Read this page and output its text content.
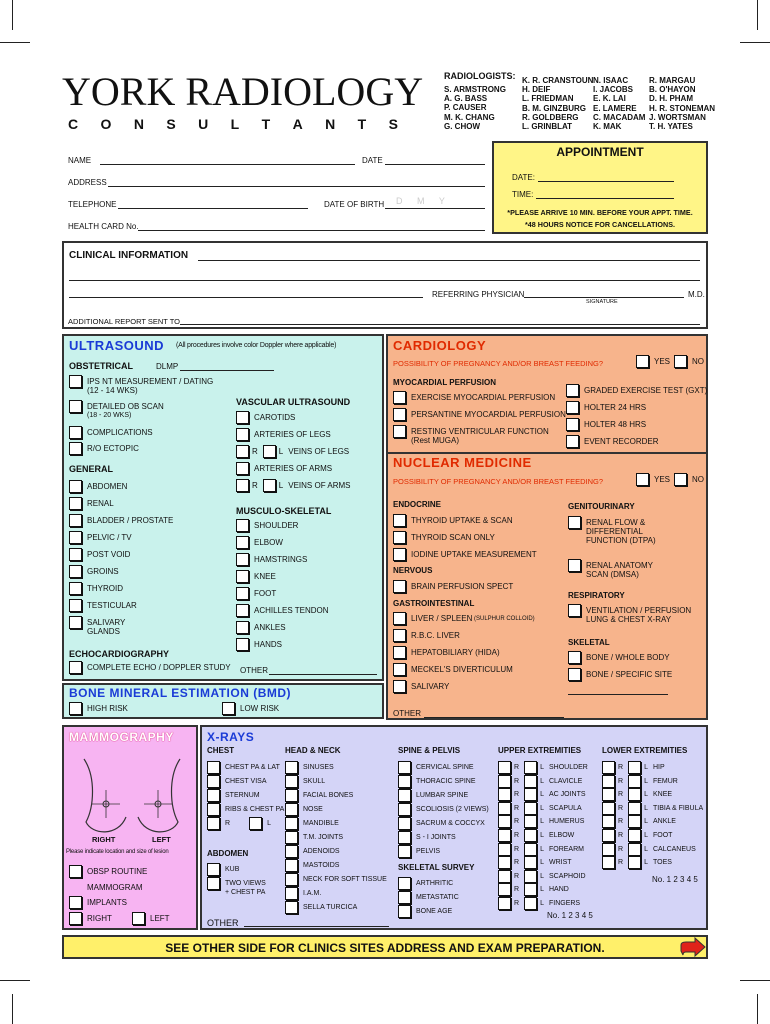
YORK RADIOLOGY
C O N S U L T A N T S
RADIOLOGISTS:
S. ARMSTRONG
A. G. BASS
P. CAUSER
M. K. CHANG
G. CHOW
K. R. CRANSTOUN
H. DEIF
L. FRIEDMAN
B. M. GINZBURG
R. GOLDBERG
L. GRINBLAT
N. ISAAC
I. JACOBS
E. K. LAI
E. LAMERE
C. MACADAM
K. MAK
R. MARGAU
B. O'HAYON
D. H. PHAM
H. R. STONEMAN
J. WORTSMAN
T. H. YATES
NAME	DATE
ADDRESS
TELEPHONE	DATE OF BIRTH D M Y
HEALTH CARD No.
APPOINTMENT
DATE:
TIME:
*PLEASE ARRIVE 10 MIN. BEFORE YOUR APPT. TIME.
*48 HOURS NOTICE FOR CANCELLATIONS.
CLINICAL INFORMATION
REFERRING PHYSICIAN	M.D.
SIGNATURE
ADDITIONAL REPORT SENT TO
ULTRASOUND (All procedures involve color Doppler where applicable)
OBSTETRICAL	DLMP
GENERAL
ECHOCARDIOGRAPHY
VASCULAR ULTRASOUND
MUSCULO-SKELETAL
OTHER
IPS NT MEASUREMENT / DATING
(12 - 14 WKS)
DETAILED OB SCAN
(18 - 20 WKS)
COMPLICATIONS
R/O ECTOPIC
ABDOMEN
RENAL
BLADDER / PROSTATE
PELVIC / TV
POST VOID
GROINS
THYROID
TESTICULAR
SALIVARY
GLANDS
COMPLETE ECHO / DOPPLER STUDY
CAROTIDS
ARTERIES OF LEGS
R	L VEINS OF LEGS
ARTERIES OF ARMS
R	L VEINS OF ARMS
SHOULDER
ELBOW
HAMSTRINGS
KNEE
FOOT
ACHILLES TENDON
ANKLES
HANDS
BONE MINERAL ESTIMATION (BMD)
HIGH RISK	LOW RISK
CARDIOLOGY
POSSIBILITY OF PREGNANCY AND/OR BREAST FEEDING?	YES	NO
MYOCARDIAL PERFUSION
NUCLEAR MEDICINE
POSSIBILITY OF PREGNANCY AND/OR BREAST FEEDING?	YES	NO
ENDOCRINE
NERVOUS
GASTROINTESTINAL
GENITOURINARY
RESPIRATORY
SKELETAL
OTHER
EXERCISE MYOCARDIAL PERFUSION
PERSANTINE MYOCARDIAL PERFUSION
RESTING VENTRICULAR FUNCTION
(Rest MUGA)
GRADED EXERCISE TEST (GXT)
HOLTER 24 HRS
HOLTER 48 HRS
EVENT RECORDER
THYROID UPTAKE & SCAN
THYROID SCAN ONLY
IODINE UPTAKE MEASUREMENT
BRAIN PERFUSION SPECT
LIVER / SPLEEN (SULPHUR COLLOID)
R.B.C. LIVER
HEPATOBILIARY (HIDA)
MECKEL'S DIVERTICULUM
SALIVARY
RENAL FLOW &
DIFFERENTIAL
FUNCTION (DTPA)
RENAL ANATOMY
SCAN (DMSA)
VENTILATION / PERFUSION
LUNG & CHEST X-RAY
BONE / WHOLE BODY
BONE / SPECIFIC SITE
MAMMOGRAPHY
RIGHT	LEFT
Please indicate location and size of lesion
OBSP ROUTINE
MAMMOGRAM
IMPLANTS
RIGHT	LEFT
X-RAYS
CHEST
ABDOMEN
HEAD & NECK	SPINE & PELVIS
SKELETAL SURVEY
UPPER EXTREMITIES	LOWER EXTREMITIES
No. 1 2 3 4 5
No. 1 2 3 4 5
OTHER
CHEST PA & LAT
CHEST VISA
STERNUM
RIBS & CHEST PA
R	L
KUB
TWO VIEWS
+ CHEST PA
SINUSES
SKULL
FACIAL BONES
NOSE
MANDIBLE
T.M. JOINTS
ADENOIDS
MASTOIDS
NECK FOR SOFT TISSUE
I.A.M.
SELLA TURCICA
CERVICAL SPINE
THORACIC SPINE
LUMBAR SPINE
SCOLIOSIS (2 VIEWS)
SACRUM & COCCYX
S - I JOINTS
PELVIS
ARTHRITIC
METASTATIC
BONE AGE
R	L SHOULDER
R	L CLAVICLE
R	L AC JOINTS
R	L SCAPULA
R	L HUMERUS
R	L ELBOW
R	L FOREARM
R	L WRIST
R	L SCAPHOID
R	L HAND
R	L FINGERS
R	L HIP
R	L FEMUR
R	L KNEE
R	L TIBIA & FIBULA
R	L ANKLE
R	L FOOT
R	L CALCANEUS
R	L TOES
SEE OTHER SIDE FOR CLINICS SITES ADDRESS AND EXAM PREPARATION.
